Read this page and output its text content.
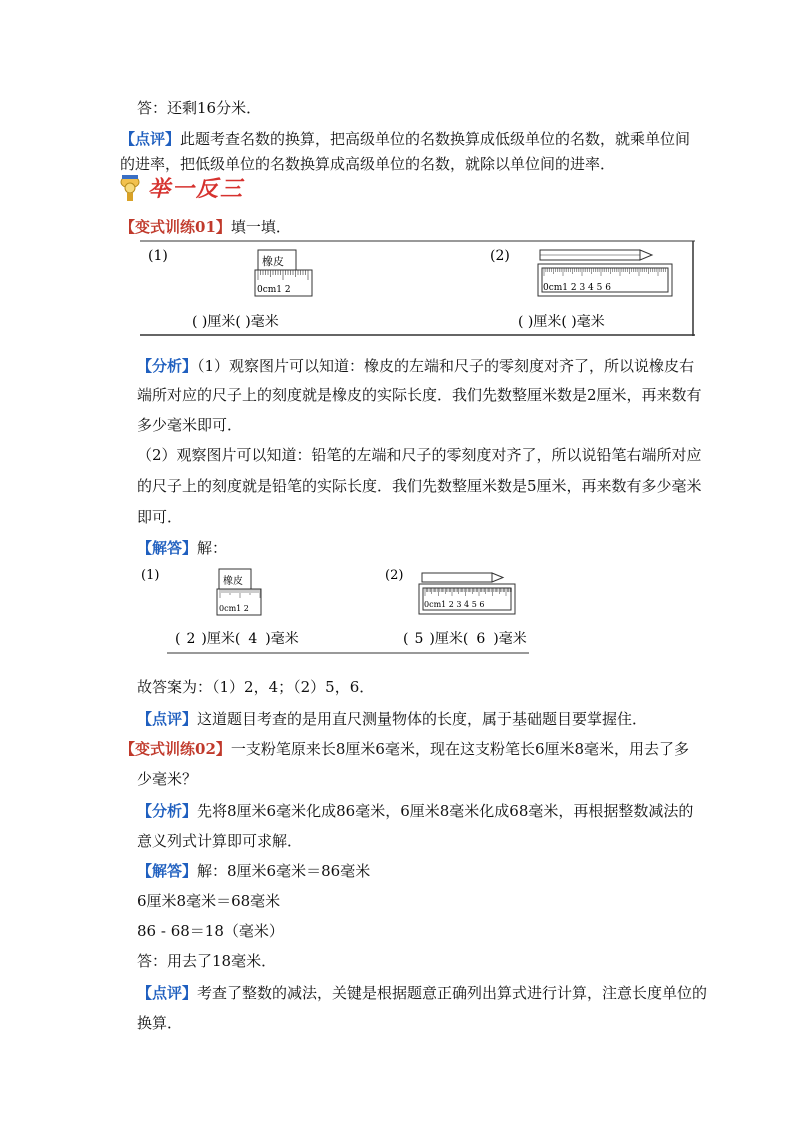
答：还剩16分米．
【点评】此题考查名数的换算，把高级单位的名数换算成低级单位的名数，就乘单位间
的进率，把低级单位的名数换算成高级单位的名数，就除以单位间的进率．
举一反三
【变式训练01】填一填．
(1)	(2)
橡皮
0cm1 2	0cm1 2 3 4 5 6
( )厘米( )毫米	( )厘米( )毫米
【分析】（1）观察图片可以知道：橡皮的左端和尺子的零刻度对齐了，所以说橡皮右
端所对应的尺子上的刻度就是橡皮的实际长度．我们先数整厘米数是2厘米，再来数有
多少毫米即可．
（2）观察图片可以知道：铅笔的左端和尺子的零刻度对齐了，所以说铅笔右端所对应
的尺子上的刻度就是铅笔的实际长度．我们先数整厘米数是5厘米，再来数有多少毫米
即可．
【解答】解：
(1)	(2)
橡皮
0cm1 2	0cm1 2 3 4 5 6
( 2 )厘米( 4 )毫米	( 5 )厘米( 6 )毫米
故答案为：（1）2，4；（2）5，6．
【点评】这道题目考查的是用直尺测量物体的长度，属于基础题目要掌握住．
【变式训练02】一支粉笔原来长8厘米6毫米，现在这支粉笔长6厘米8毫米，用去了多
少毫米？
【分析】先将8厘米6毫米化成86毫米，6厘米8毫米化成68毫米，再根据整数减法的
意义列式计算即可求解．
【解答】解：8厘米6毫米＝86毫米
6厘米8毫米＝68毫米
86 - 68＝18（毫米）
答：用去了18毫米．
【点评】考查了整数的减法，关键是根据题意正确列出算式进行计算，注意长度单位的
换算．
